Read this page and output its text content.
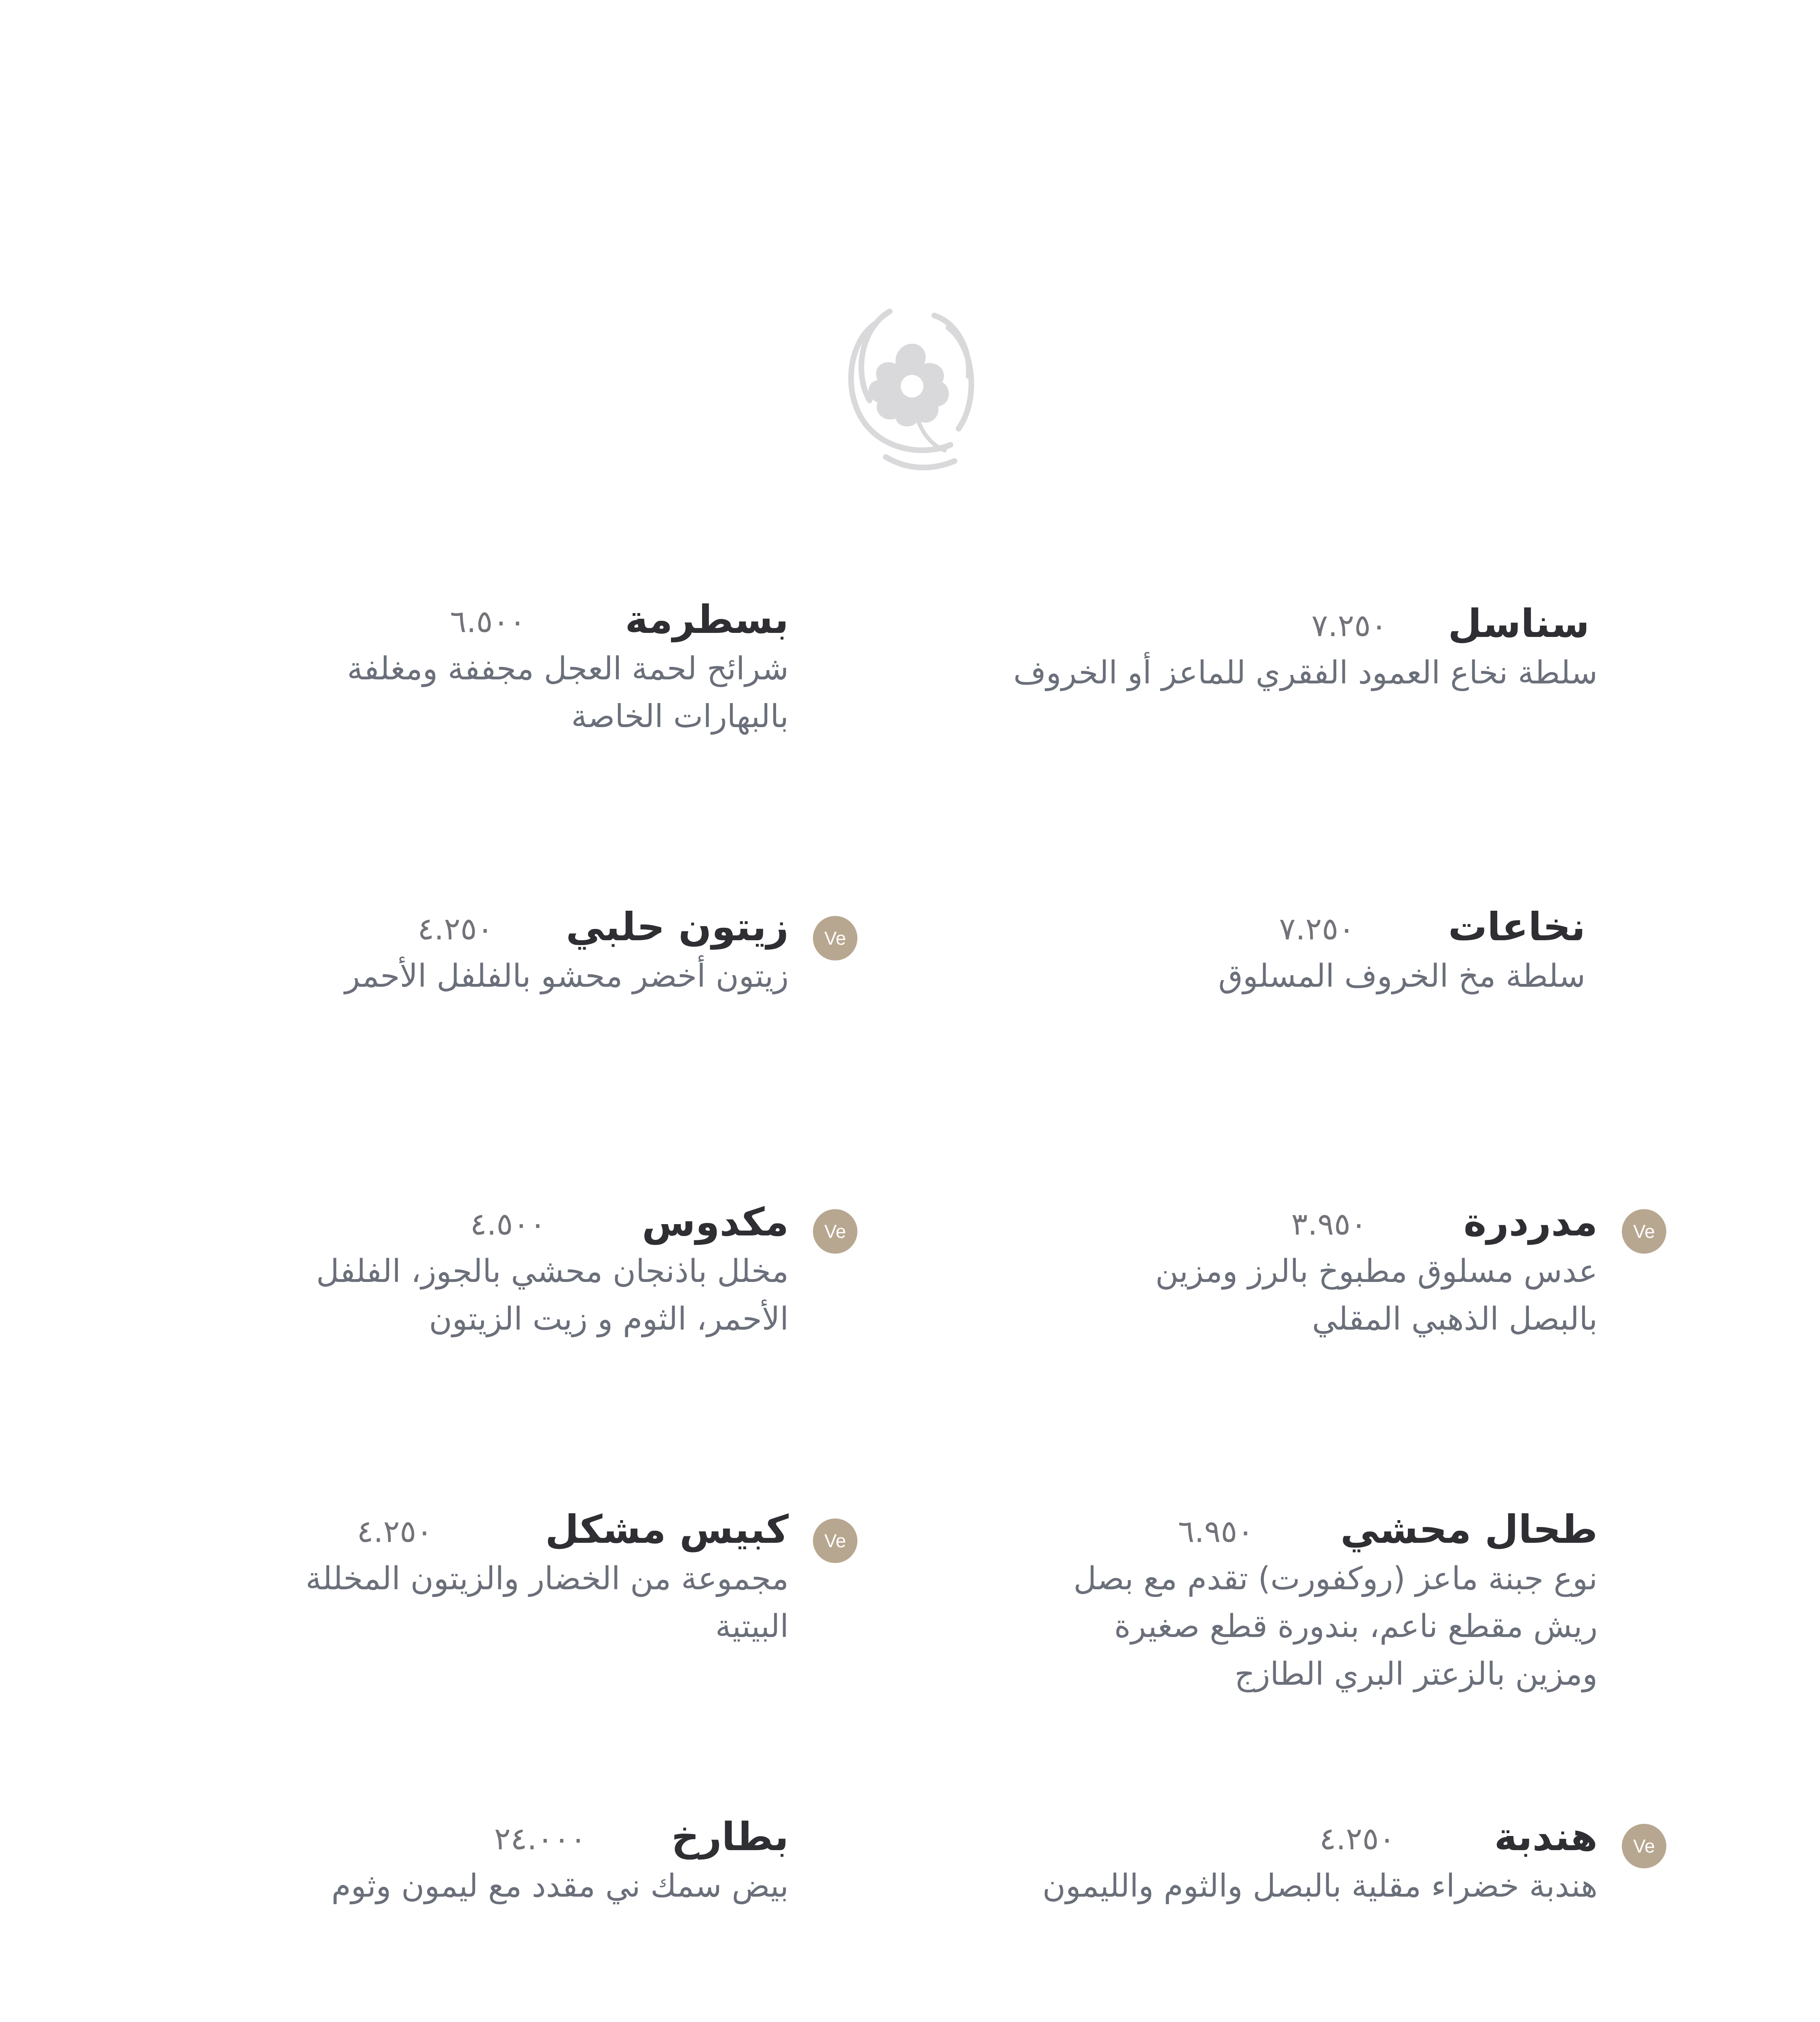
سناسل
٧.٢٥٠
سلطة نخاع العمود الفقري للماعز أو الخروف
نخاعات
٧.٢٥٠
سلطة مخ الخروف المسلوق
Ve
مدردرة
٣.٩٥٠
عدس مسلوق مطبوخ بالرز ومزين بالبصل الذهبي المقلي
طحال محشي
٦.٩٥٠
نوع جبنة ماعز (روكفورت) تقدم مع بصل ريش مقطع ناعم، بندورة قطع صغيرة ومزين بالزعتر البري الطازج
Ve
هندبة
٤.٢٥٠
هندبة خضراء مقلية بالبصل والثوم والليمون
بسطرمة
٦.٥٠٠
شرائح لحمة العجل مجففة ومغلفة بالبهارات الخاصة
Ve
زيتون حلبي
٤.٢٥٠
زيتون أخضر محشو بالفلفل الأحمر
Ve
مكدوس
٤.٥٠٠
مخلل باذنجان محشي بالجوز، الفلفل الأحمر، الثوم و زيت الزيتون
Ve
كبيس مشكل
٤.٢٥٠
مجموعة من الخضار والزيتون المخللة البيتية
بطارخ
٢٤.٠٠٠
بيض سمك ني مقدد مع ليمون وثوم
